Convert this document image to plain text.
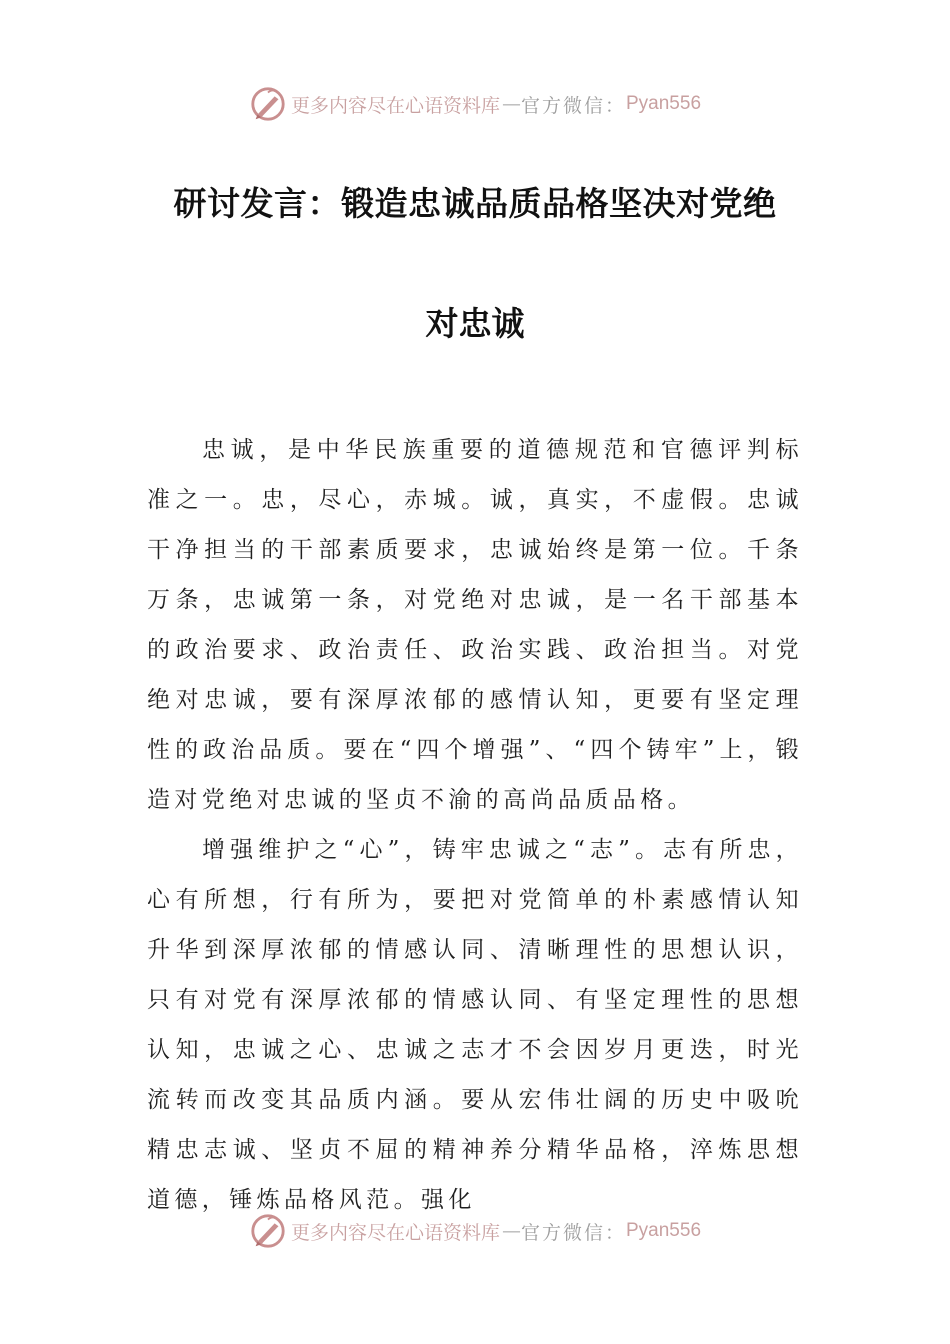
更多内容尽在心语资料库 — 官方微信： Pyan556
研讨发言：锻造忠诚品质品格坚决对党绝
对忠诚

忠诚，是中华民族重要的道德规范和官德评判标准之一。忠，尽心，赤城。诚，真实，不虚假。忠诚干净担当的干部素质要求，忠诚始终是第一位。千条万条，忠诚第一条，对党绝对忠诚，是一名干部基本的政治要求、政治责任、政治实践、政治担当。对党绝对忠诚，要有深厚浓郁的感情认知，更要有坚定理性的政治品质。要在“四个增强”、“四个铸牢”上，锻造对党绝对忠诚的坚贞不渝的高尚品质品格。

增强维护之“心”，铸牢忠诚之“志”。志有所忠，心有所想，行有所为，要把对党简单的朴素感情认知升华到深厚浓郁的情感认同、清晰理性的思想认识，只有对党有深厚浓郁的情感认同、有坚定理性的思想认知，忠诚之心、忠诚之志才不会因岁月更迭，时光流转而改变其品质内涵。要从宏伟壮阔的历史中吸吮精忠志诚、坚贞不屈的精神养分精华品格，淬炼思想道德，锤炼品格风范。强化

更多内容尽在心语资料库 — 官方微信： Pyan556
